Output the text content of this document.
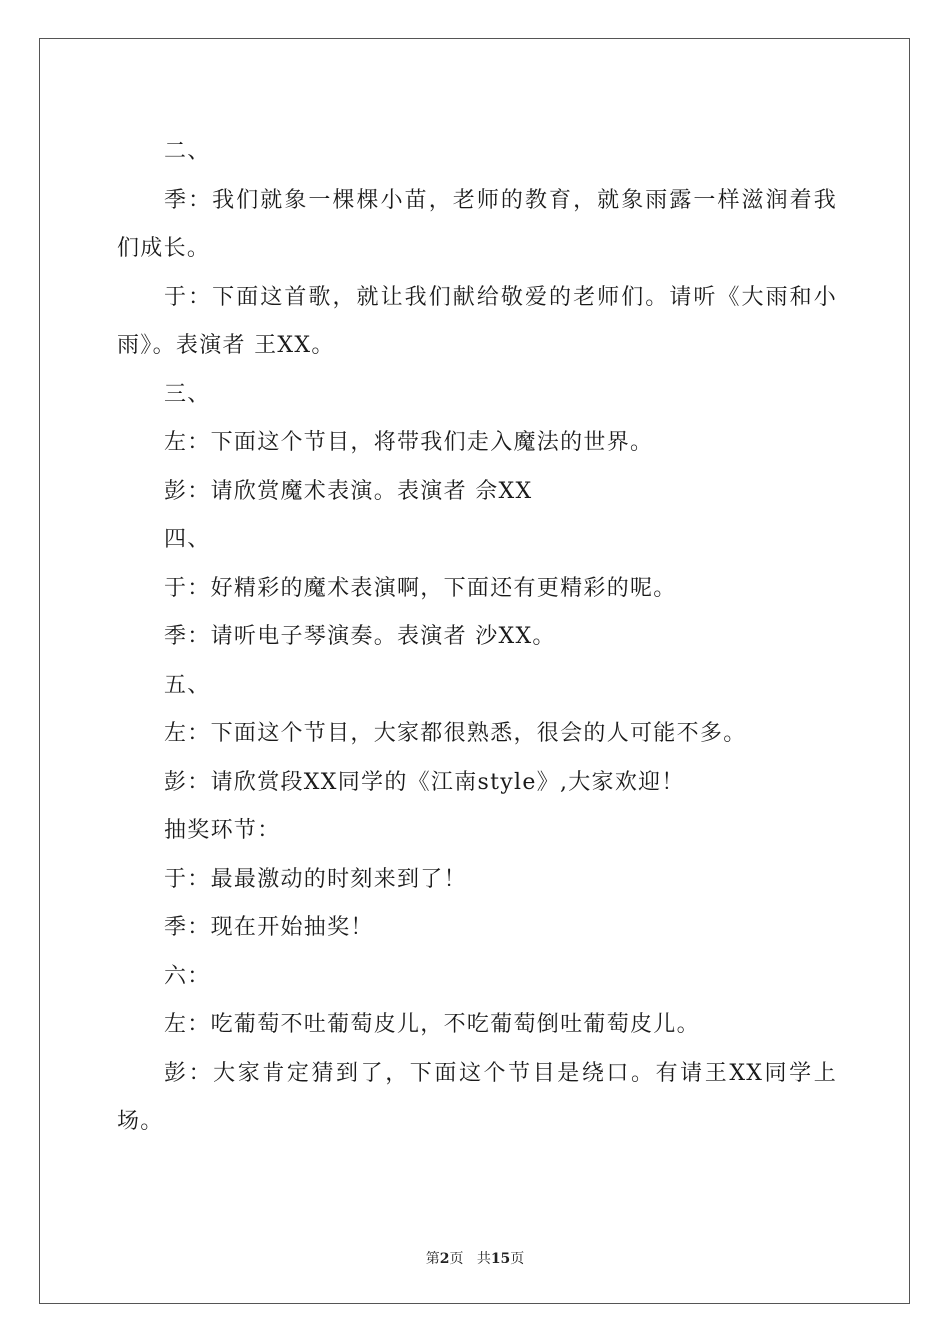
二、

季：我们就象一棵棵小苗，老师的教育，就象雨露一样滋润着我们成长。

于：下面这首歌，就让我们献给敬爱的老师们。请听《大雨和小雨》。表演者 王XX。

三、

左：下面这个节目，将带我们走入魔法的世界。

彭：请欣赏魔术表演。表演者 佘XX

四、

于：好精彩的魔术表演啊，下面还有更精彩的呢。

季：请听电子琴演奏。表演者 沙XX。

五、

左：下面这个节目，大家都很熟悉，很会的人可能不多。

彭：请欣赏段XX同学的《江南style》,大家欢迎！

抽奖环节：

于：最最激动的时刻来到了！

季：现在开始抽奖！

六：

左：吃葡萄不吐葡萄皮儿，不吃葡萄倒吐葡萄皮儿。

彭：大家肯定猜到了，下面这个节目是绕口。有请王XX同学上场。

第2页 共15页
